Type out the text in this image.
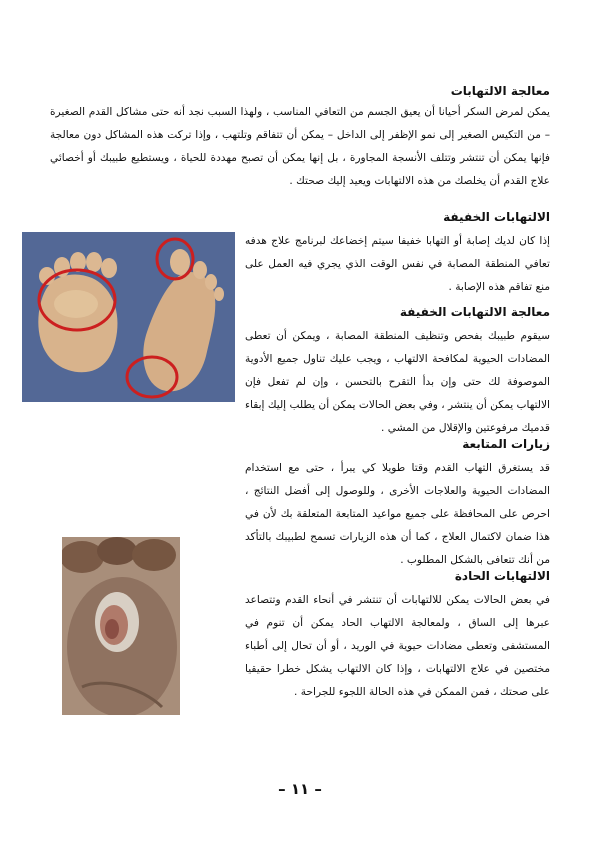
معالجة الالتهابات

يمكن لمرض السكر أحيانا أن يعيق الجسم من التعافي المناسب ، ولهذا السبب نجد أنه حتى مشاكل القدم الصغيرة – من التكيس الصغير إلى نمو الإظفر إلى الداخل – يمكن أن تتفاقم وتلتهب ، وإذا تركت هذه المشاكل دون معالجة فإنها يمكن أن تنتشر وتتلف الأنسجة المجاورة ، بل إنها يمكن أن تصبح مهددة للحياة ، ويستطيع طبيبك أو أخصائي علاج القدم أن يخلصك من هذه الالتهابات ويعيد إليك صحتك .

الالتهابات الخفيفة

إذا كان لديك إصابة أو التهابا خفيفا سيتم إخضاعك لبرنامج علاج هدفه تعافي المنطقة المصابة في نفس الوقت الذي يجري فيه العمل على منع تفاقم هذه الإصابة .

معالجة الالتهابات الخفيفة

سيقوم طبيبك بفحص وتنظيف المنطقة المصابة ، ويمكن أن تعطى المضادات الحيوية لمكافحة الالتهاب ، ويجب عليك تناول جميع الأدوية الموصوفة لك حتى وإن بدأ التقرح بالتحسن ، وإن لم تفعل فإن الالتهاب يمكن أن ينتشر ، وفي بعض الحالات يمكن أن يطلب إليك إبقاء قدميك مرفوعتين والإقلال من المشي .

زيارات المتابعة

قد يستغرق التهاب القدم وقتا طويلا كي يبرأ ، حتى مع استخدام المضادات الحيوية والعلاجات الأخرى ، وللوصول إلى أفضل النتائج ، احرص على المحافظة على جميع مواعيد المتابعة المتعلقة بك لأن في هذا ضمان لاكتمال العلاج ، كما أن هذه الزيارات تسمح لطبيبك بالتأكد من أنك تتعافى بالشكل المطلوب .

الالتهابات الحادة

في بعض الحالات يمكن للالتهابات أن تنتشر في أنحاء القدم وتتصاعد عبرها إلى الساق ، ولمعالجة الالتهاب الحاد يمكن أن تنوم في المستشفى وتعطى مضادات حيوية في الوريد ، أو أن تحال إلى أطباء مختصين في علاج الالتهابات ، وإذا كان الالتهاب يشكل خطرا حقيقيا على صحتك ، فمن الممكن في هذه الحالة اللجوء للجراحة .

– ١١ –
